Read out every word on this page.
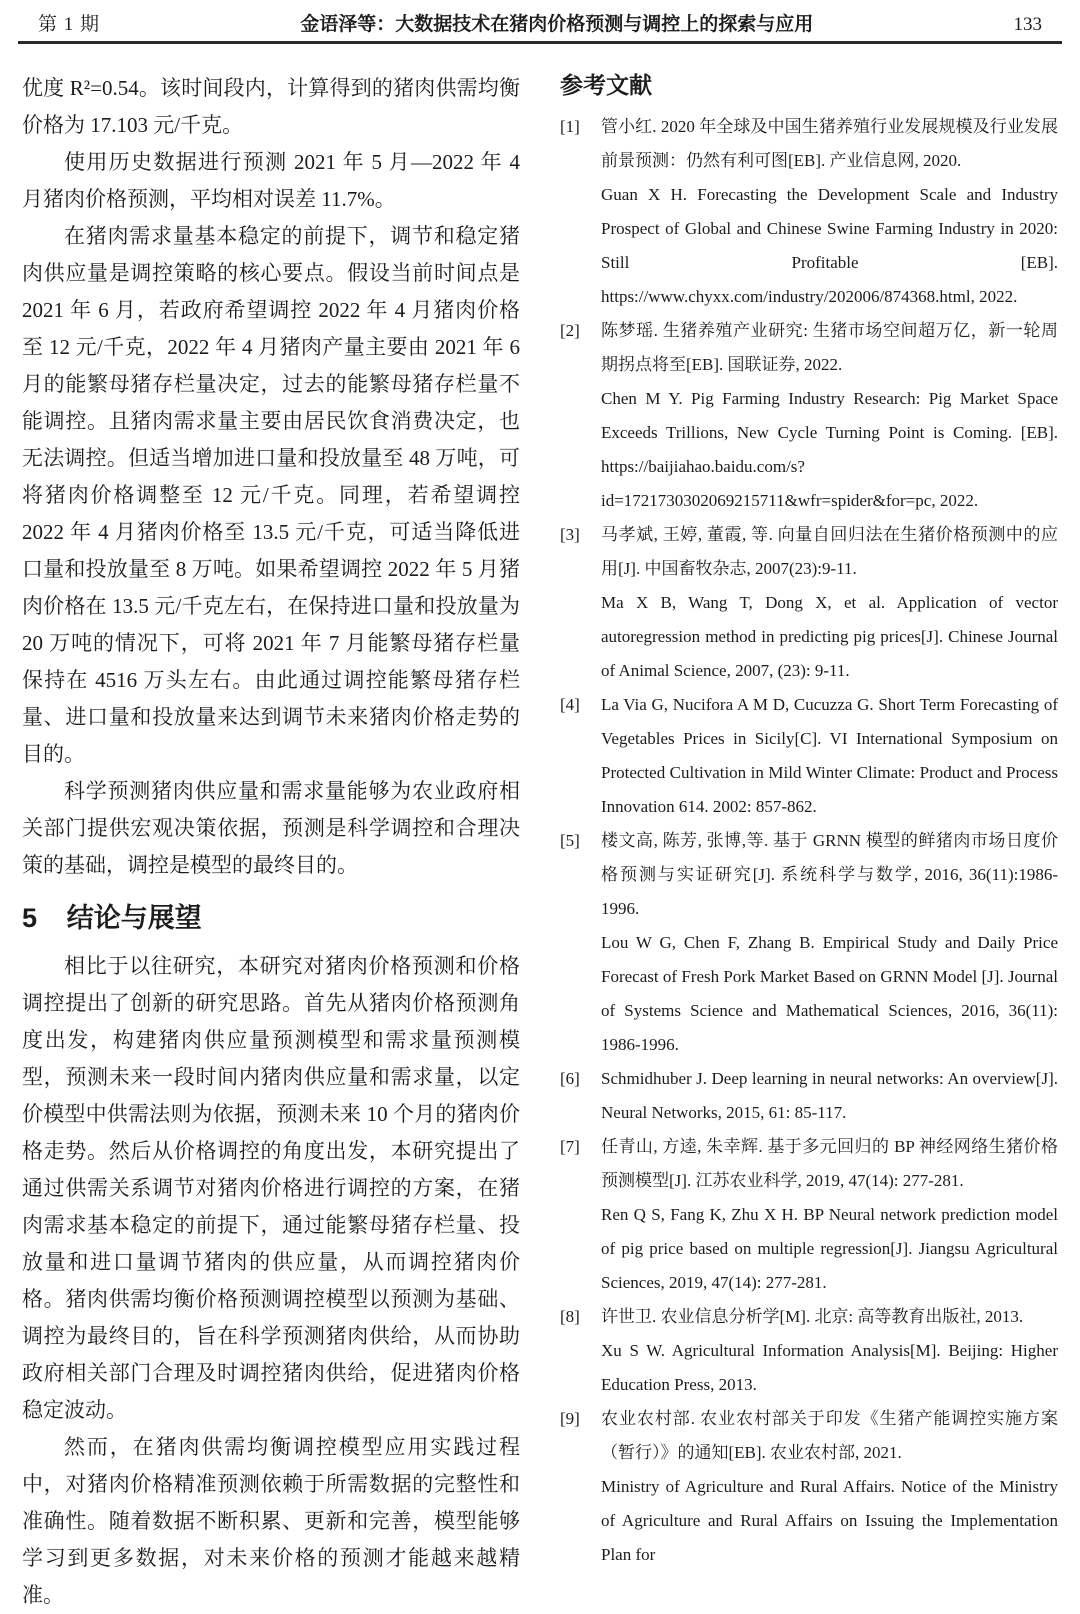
第 1 期	金语泽等：大数据技术在猪肉价格预测与调控上的探索与应用	133

优度 R²=0.54。该时间段内，计算得到的猪肉供需均衡价格为 17.103 元/千克。

使用历史数据进行预测 2021 年 5 月—2022 年 4 月猪肉价格预测，平均相对误差 11.7%。

在猪肉需求量基本稳定的前提下，调节和稳定猪肉供应量是调控策略的核心要点。假设当前时间点是 2021 年 6 月，若政府希望调控 2022 年 4 月猪肉价格至 12 元/千克，2022 年 4 月猪肉产量主要由 2021 年 6 月的能繁母猪存栏量决定，过去的能繁母猪存栏量不能调控。且猪肉需求量主要由居民饮食消费决定，也无法调控。但适当增加进口量和投放量至 48 万吨，可将猪肉价格调整至 12 元/千克。同理，若希望调控 2022 年 4 月猪肉价格至 13.5 元/千克，可适当降低进口量和投放量至 8 万吨。如果希望调控 2022 年 5 月猪肉价格在 13.5 元/千克左右，在保持进口量和投放量为 20 万吨的情况下，可将 2021 年 7 月能繁母猪存栏量保持在 4516 万头左右。由此通过调控能繁母猪存栏量、进口量和投放量来达到调节未来猪肉价格走势的目的。

科学预测猪肉供应量和需求量能够为农业政府相关部门提供宏观决策依据，预测是科学调控和合理决策的基础，调控是模型的最终目的。

5 结论与展望

相比于以往研究，本研究对猪肉价格预测和价格调控提出了创新的研究思路。首先从猪肉价格预测角度出发，构建猪肉供应量预测模型和需求量预测模型，预测未来一段时间内猪肉供应量和需求量，以定价模型中供需法则为依据，预测未来 10 个月的猪肉价格走势。然后从价格调控的角度出发，本研究提出了通过供需关系调节对猪肉价格进行调控的方案，在猪肉需求基本稳定的前提下，通过能繁母猪存栏量、投放量和进口量调节猪肉的供应量，从而调控猪肉价格。猪肉供需均衡价格预测调控模型以预测为基础、调控为最终目的，旨在科学预测猪肉供给，从而协助政府相关部门合理及时调控猪肉供给，促进猪肉价格稳定波动。

然而，在猪肉供需均衡调控模型应用实践过程中，对猪肉价格精准预测依赖于所需数据的完整性和准确性。随着数据不断积累、更新和完善，模型能够学习到更多数据，对未来价格的预测才能越来越精准。

参考文献
[1] 管小红. 2020 年全球及中国生猪养殖行业发展规模及行业发展前景预测：仍然有利可图[EB]. 产业信息网, 2020.

Guan X H. Forecasting the Development Scale and Industry Prospect of Global and Chinese Swine Farming Industry in 2020: Still Profitable [EB]. https://www.chyxx.com/industry/202006/874368.html, 2022.

[2] 陈梦瑶. 生猪养殖产业研究: 生猪市场空间超万亿，新一轮周期拐点将至[EB]. 国联证券, 2022.

Chen M Y. Pig Farming Industry Research: Pig Market Space Exceeds Trillions, New Cycle Turning Point is Coming. [EB]. https://baijiahao.baidu.com/s?id=1721730302069215711&wfr=spider&for=pc, 2022.

[3] 马孝斌, 王婷, 董霞, 等. 向量自回归法在生猪价格预测中的应用[J]. 中国畜牧杂志, 2007(23):9-11.

Ma X B, Wang T, Dong X, et al. Application of vector autoregression method in predicting pig prices[J]. Chinese Journal of Animal Science, 2007, (23): 9-11.

[4] La Via G, Nucifora A M D, Cucuzza G. Short Term Forecasting of Vegetables Prices in Sicily[C]. VI International Symposium on Protected Cultivation in Mild Winter Climate: Product and Process Innovation 614. 2002: 857-862.

[5] 楼文高, 陈芳, 张博,等. 基于 GRNN 模型的鲜猪肉市场日度价格预测与实证研究[J]. 系统科学与数学, 2016, 36(11):1986-1996.

Lou W G, Chen F, Zhang B. Empirical Study and Daily Price Forecast of Fresh Pork Market Based on GRNN Model [J]. Journal of Systems Science and Mathematical Sciences, 2016, 36(11): 1986-1996.

[6] Schmidhuber J. Deep learning in neural networks: An overview[J]. Neural Networks, 2015, 61: 85-117.

[7] 任青山, 方逵, 朱幸辉. 基于多元回归的 BP 神经网络生猪价格预测模型[J]. 江苏农业科学, 2019, 47(14): 277-281.

Ren Q S, Fang K, Zhu X H. BP Neural network prediction model of pig price based on multiple regression[J]. Jiangsu Agricultural Sciences, 2019, 47(14): 277-281.

[8] 许世卫. 农业信息分析学[M]. 北京: 高等教育出版社, 2013.

Xu S W. Agricultural Information Analysis[M]. Beijing: Higher Education Press, 2013.

[9] 农业农村部. 农业农村部关于印发《生猪产能调控实施方案（暂行）》的通知[EB]. 农业农村部, 2021.

Ministry of Agriculture and Rural Affairs. Notice of the Ministry of Agriculture and Rural Affairs on Issuing the Implementation Plan for
